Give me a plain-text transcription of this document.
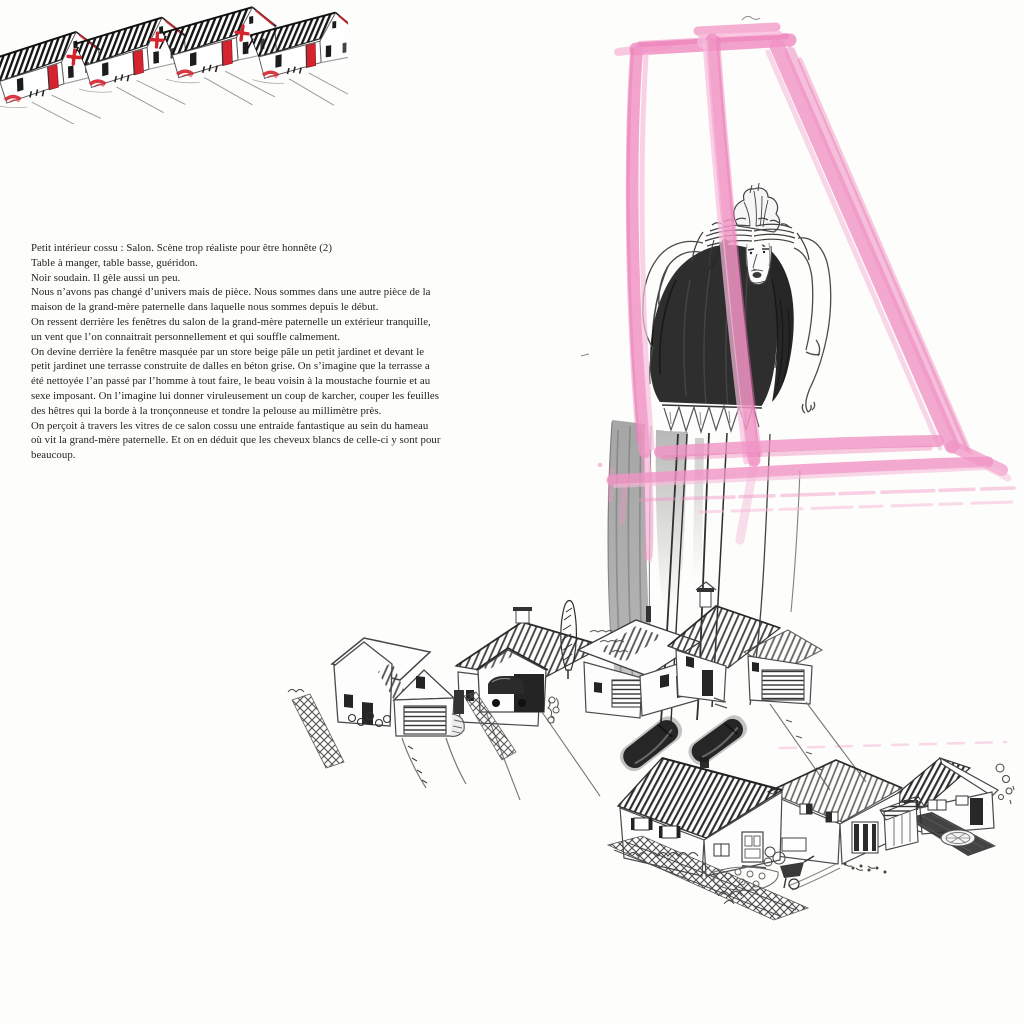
Petit intérieur cossu : Salon. Scène trop réaliste pour être honnête (2)

Table à manger, table basse, guéridon.

Noir soudain. Il gèle aussi un peu.

Nous n’avons pas changé d’univers mais de pièce. Nous sommes dans une autre pièce de la maison de la grand-mère paternelle dans laquelle nous sommes depuis le début.

On ressent derrière les fenêtres du salon de la grand-mère paternelle un extérieur tranquille, un vent que l’on connaitrait personnellement et qui souffle calmement.

On devine derrière la fenêtre masquée par un store beige pâle un petit jardinet et devant le petit jardinet une terrasse construite de dalles en béton grise. On s’imagine que la terrasse a été nettoyée l’an passé par l’homme à tout faire, le beau voisin à la moustache fournie et au sexe imposant. On l’imagine lui donner viruleusement un coup de karcher, couper les feuilles des hêtres qui la borde à la tronçonneuse et tondre la pelouse au millimètre près.

On perçoit à travers les vitres de ce salon cossu une entraide fantastique au sein du hameau où vit la grand-mère paternelle. Et on en déduit que les cheveux blancs de celle-ci y sont pour beaucoup.
